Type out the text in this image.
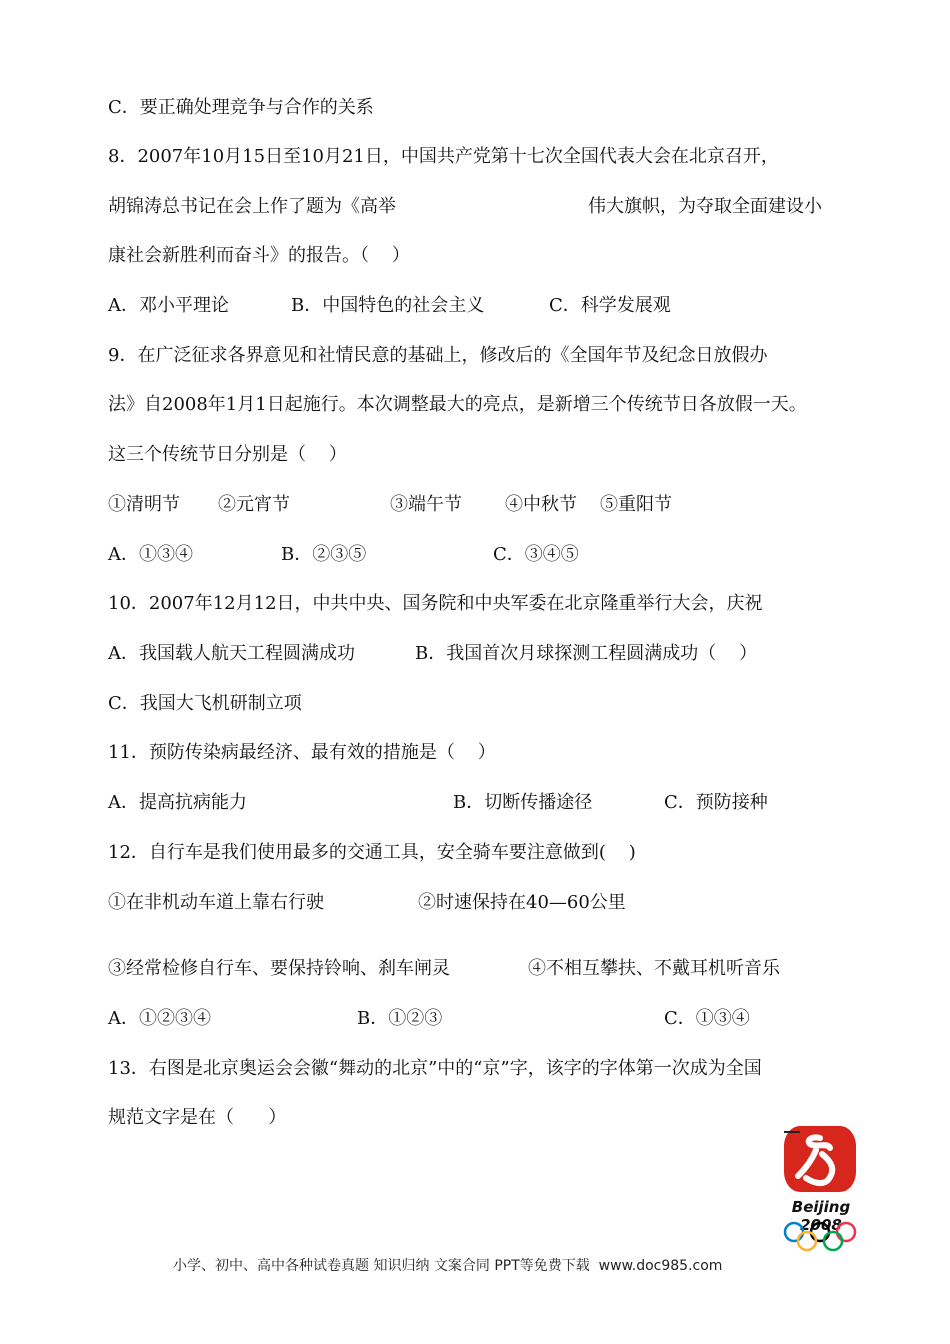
C．要正确处理竞争与合作的关系
8．2007年10月15日至10月21日，中国共产党第十七次全国代表大会在北京召开，
胡锦涛总书记在会上作了题为《高举	伟大旗帜，为夺取全面建设小
康社会新胜利而奋斗》的报告。（    ）
A．邓小平理论	B．中国特色的社会主义	C．科学发展观
9．在广泛征求各界意见和社情民意的基础上，修改后的《全国年节及纪念日放假办
法》自2008年1月1日起施行。本次调整最大的亮点，是新增三个传统节日各放假一天。
这三个传统节日分别是（    ）
①清明节 ②元宵节	③端午节 ④中秋节 ⑤重阳节
A．①③④	B．②③⑤	C．③④⑤
10．2007年12月12日，中共中央、国务院和中央军委在北京隆重举行大会，庆祝
A．我国载人航天工程圆满成功	B．我国首次月球探测工程圆满成功（    ）
C．我国大飞机研制立项
11．预防传染病最经济、最有效的措施是（    ）
A．提高抗病能力	B．切断传播途径	C．预防接种
12．自行车是我们使用最多的交通工具，安全骑车要注意做到(    )
①在非机动车道上靠右行驶	②时速保持在40—60公里
③经常检修自行车、要保持铃响、刹车闸灵	④不相互攀扶、不戴耳机听音乐
A．①②③④	B．①②③	C．①③④
13．右图是北京奥运会会徽“舞动的北京”中的“京”字，该字的字体第一次成为全国
规范文字是在（      ）
Beijing 2008
小学、初中、高中各种试卷真题 知识归纳 文案合同 PPT等免费下载  www.doc985.com
